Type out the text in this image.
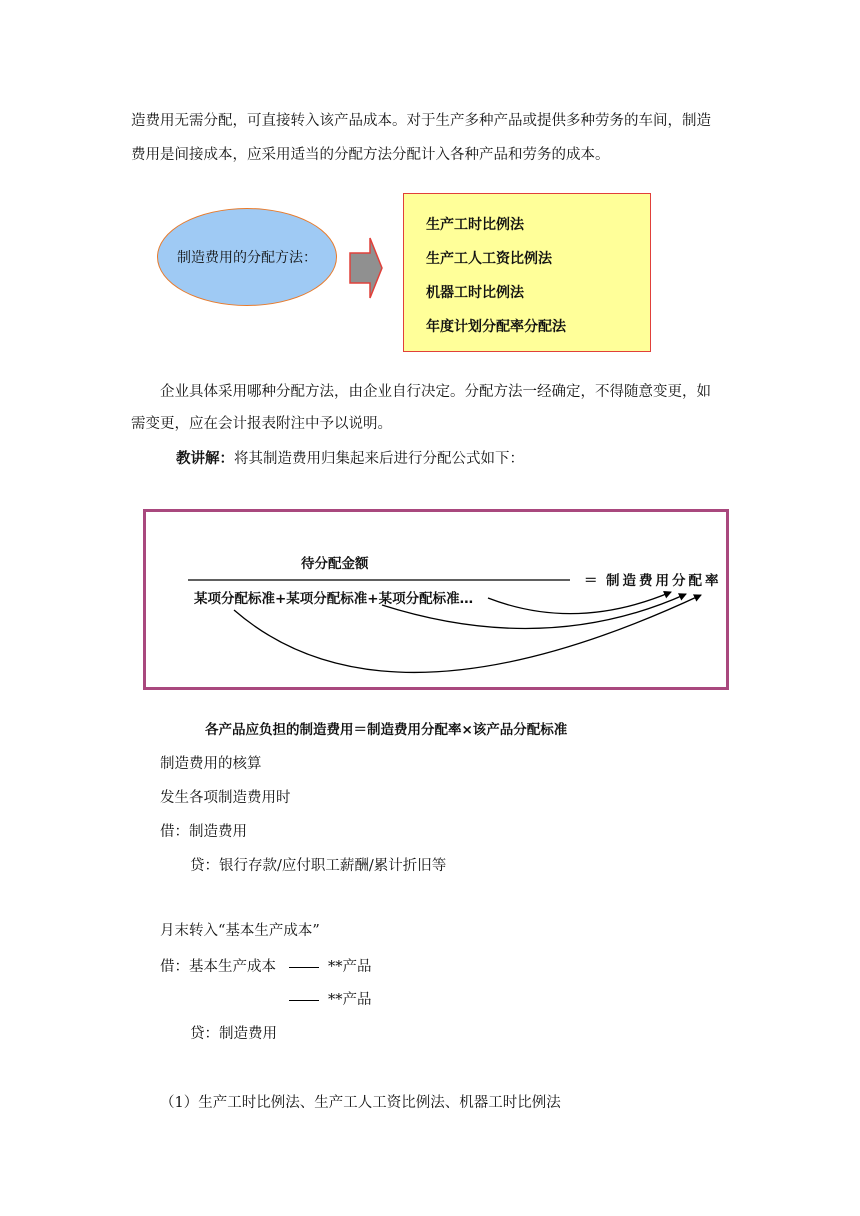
造费用无需分配，可直接转入该产品成本。对于生产多种产品或提供多种劳务的车间，制造
费用是间接成本，应采用适当的分配方法分配计入各种产品和劳务的成本。
制造费用的分配方法：
生产工时比例法
生产工人工资比例法
机器工时比例法
年度计划分配率分配法
企业具体采用哪种分配方法，由企业自行决定。分配方法一经确定，不得随意变更，如
需变更，应在会计报表附注中予以说明。
教讲解：将其制造费用归集起来后进行分配公式如下：
待分配金额
某项分配标准+某项分配标准+某项分配标准…
＝ 制造费用分配率
各产品应负担的制造费用＝制造费用分配率×该产品分配标准
制造费用的核算
发生各项制造费用时
借：制造费用
贷：银行存款/应付职工薪酬/累计折旧等
月末转入“基本生产成本”
借：基本生产成本	**产品
**产品
贷：制造费用
（1）生产工时比例法、生产工人工资比例法、机器工时比例法
